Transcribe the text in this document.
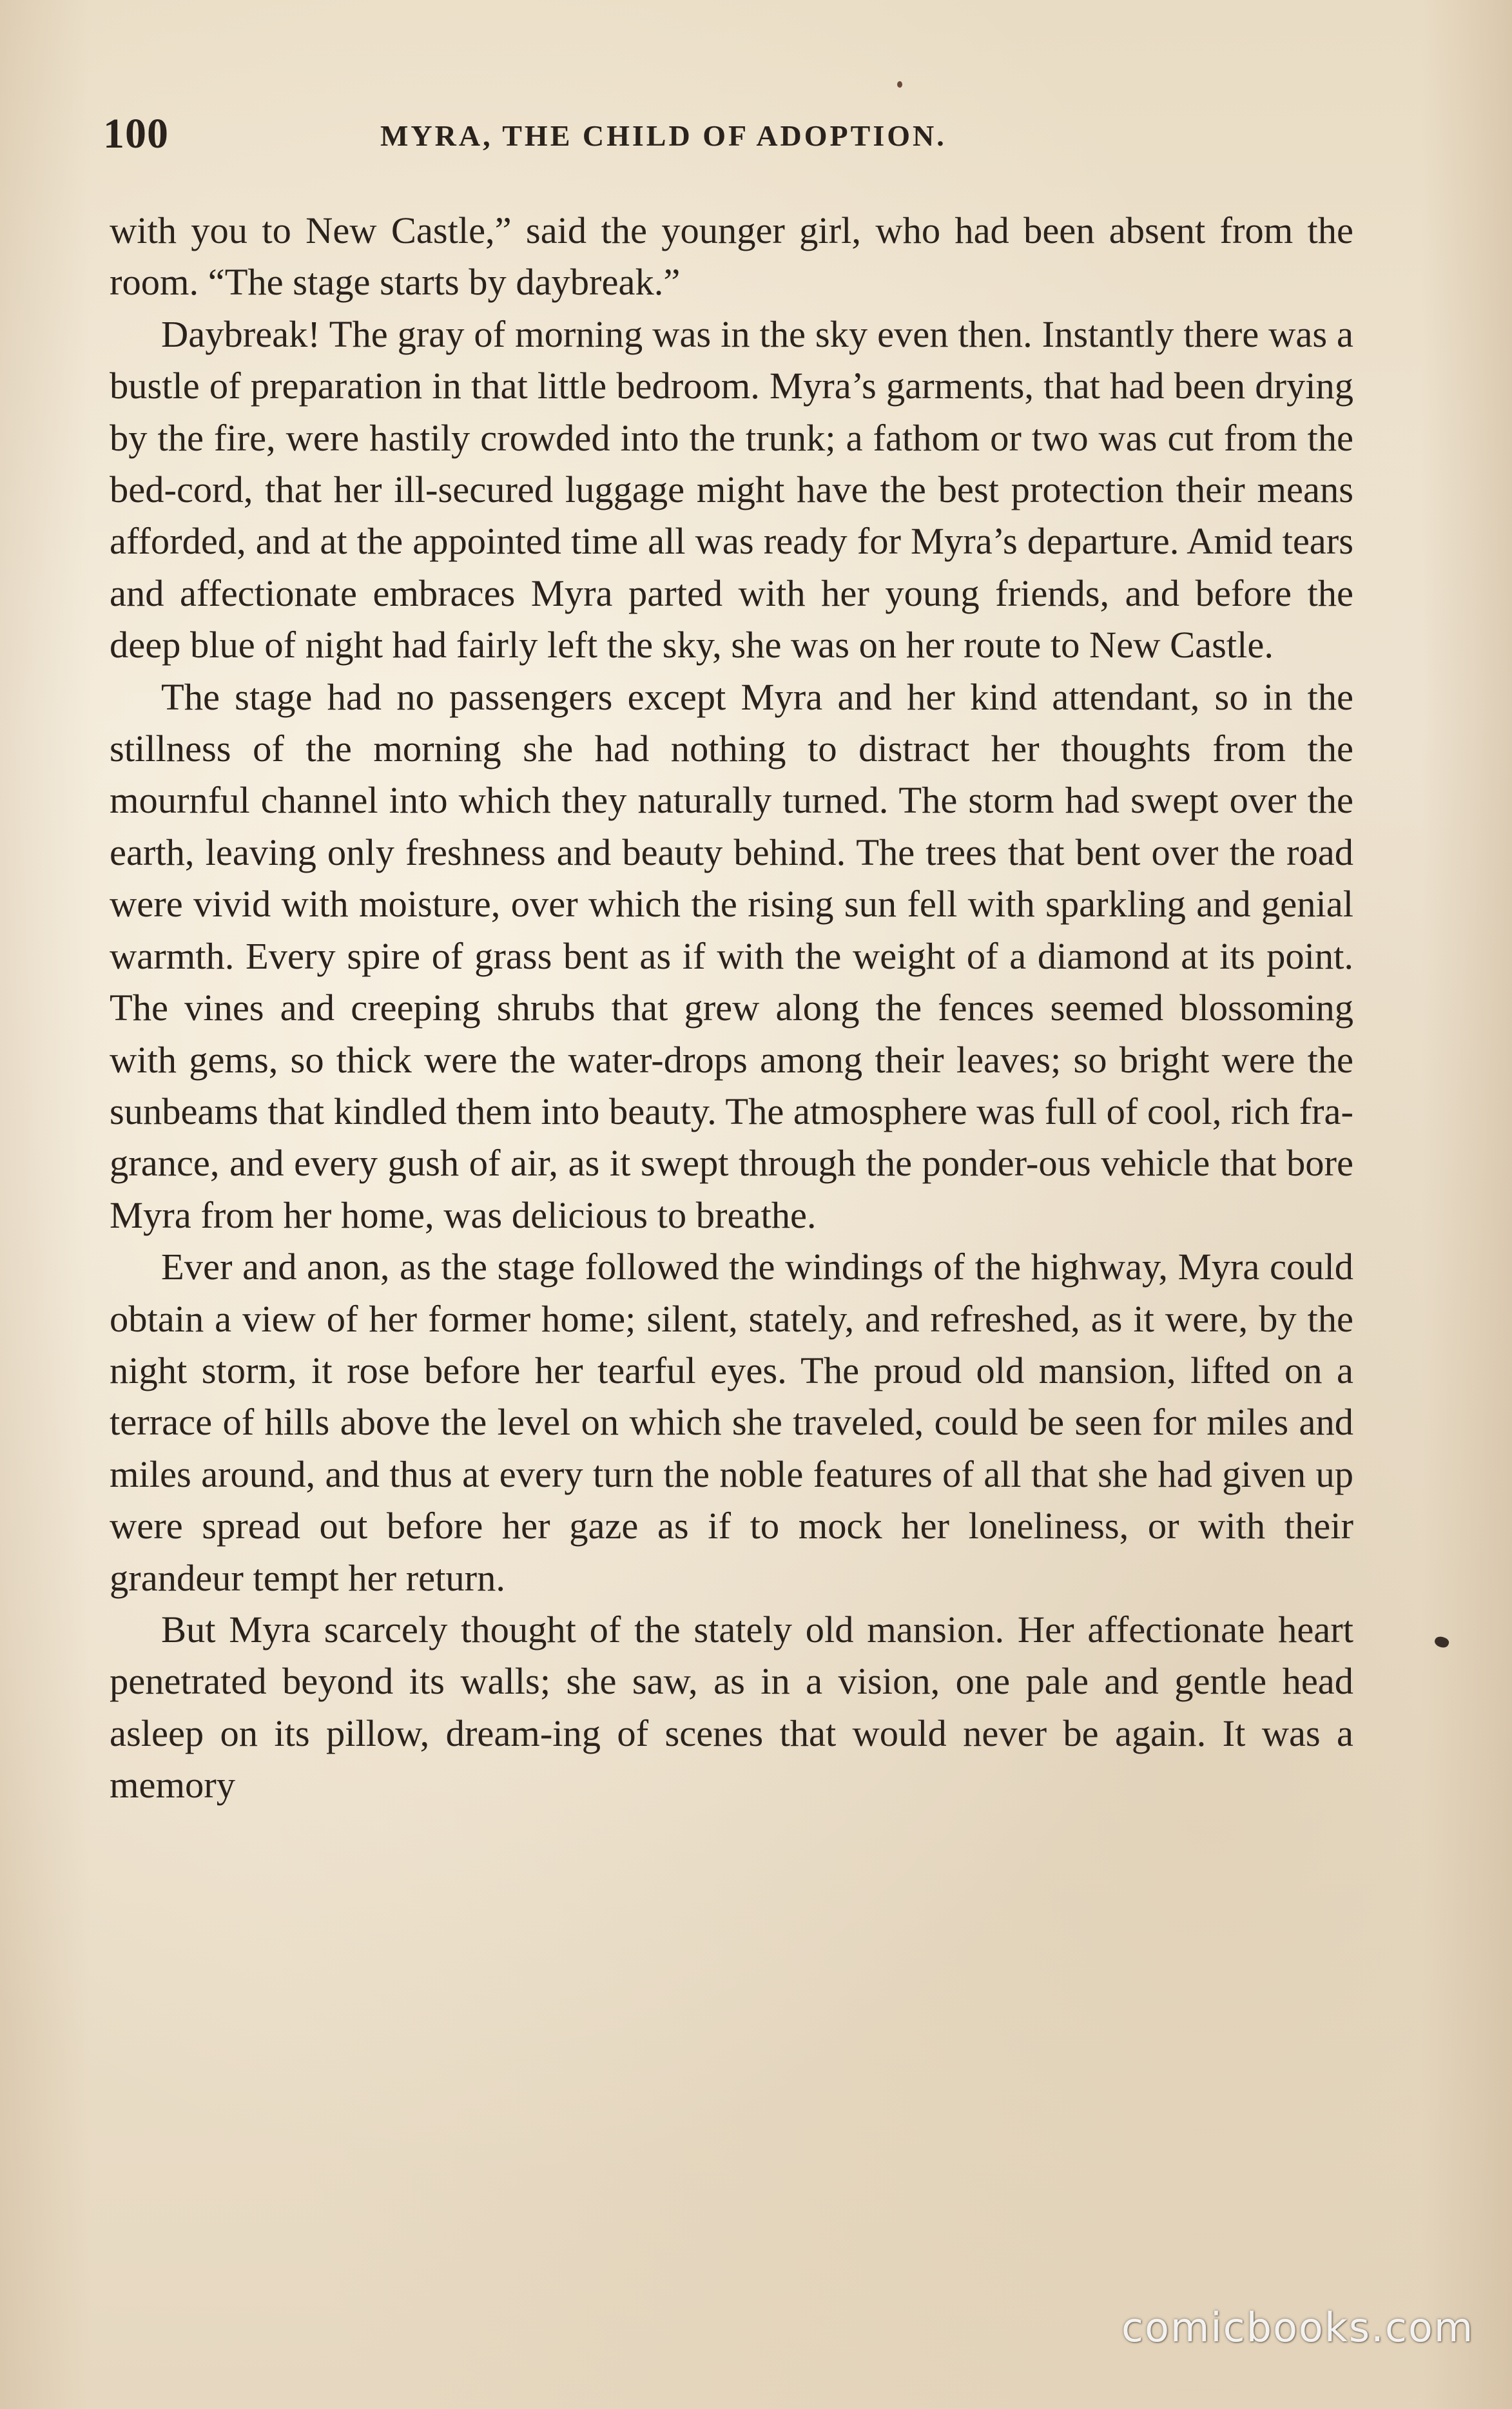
100	MYRA, THE CHILD OF ADOPTION.

with you to New Castle,” said the younger girl, who had been absent from the room. “The stage starts by daybreak.”

Daybreak! The gray of morning was in the sky even then. Instantly there was a bustle of preparation in that little bedroom. Myra’s garments, that had been drying by the fire, were hastily crowded into the trunk; a fathom or two was cut from the bed-cord, that her ill-secured luggage might have the best protection their means afforded, and at the appointed time all was ready for Myra’s departure. Amid tears and affectionate embraces Myra parted with her young friends, and before the deep blue of night had fairly left the sky, she was on her route to New Castle.

The stage had no passengers except Myra and her kind attendant, so in the stillness of the morning she had nothing to distract her thoughts from the mournful channel into which they naturally turned. The storm had swept over the earth, leaving only freshness and beauty behind. The trees that bent over the road were vivid with moisture, over which the rising sun fell with sparkling and genial warmth. Every spire of grass bent as if with the weight of a diamond at its point. The vines and creeping shrubs that grew along the fences seemed blossoming with gems, so thick were the water-drops among their leaves; so bright were the sunbeams that kindled them into beauty. The atmosphere was full of cool, rich fra-grance, and every gush of air, as it swept through the ponder-ous vehicle that bore Myra from her home, was delicious to breathe.

Ever and anon, as the stage followed the windings of the highway, Myra could obtain a view of her former home; silent, stately, and refreshed, as it were, by the night storm, it rose before her tearful eyes. The proud old mansion, lifted on a terrace of hills above the level on which she traveled, could be seen for miles and miles around, and thus at every turn the noble features of all that she had given up were spread out before her gaze as if to mock her loneliness, or with their grandeur tempt her return.

But Myra scarcely thought of the stately old mansion. Her affectionate heart penetrated beyond its walls; she saw, as in a vision, one pale and gentle head asleep on its pillow, dream-ing of scenes that would never be again. It was a memory

comicbooks.com
